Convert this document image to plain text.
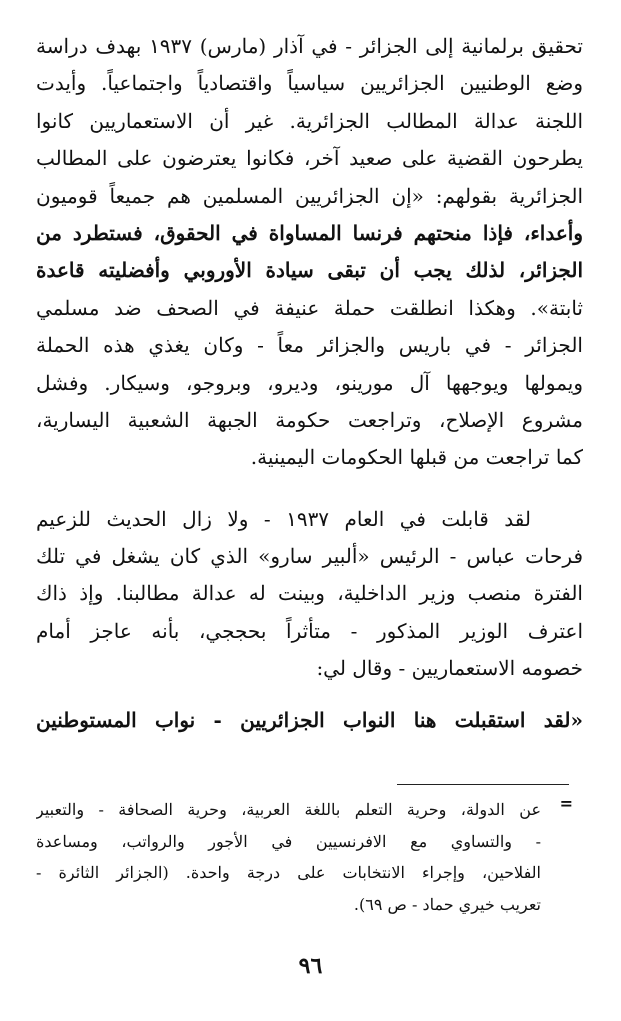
تحقيق برلمانية إلى الجزائر - في آذار (مارس) ١٩٣٧ بهدف دراسة
وضع الوطنيين الجزائريين سياسياً واقتصادياً واجتماعياً. وأيدت
اللجنة عدالة المطالب الجزائرية. غير أن الاستعماريين كانوا
يطرحون القضية على صعيد آخر، فكانوا يعترضون على المطالب
الجزائرية بقولهم: «إن الجزائريين المسلمين هم جميعاً قوميون
وأعداء، فإذا منحتهم فرنسا المساواة في الحقوق، فستطرد من
الجزائر، لذلك يجب أن تبقى سيادة الأوروبي وأفضليته قاعدة
ثابتة». وهكذا انطلقت حملة عنيفة في الصحف ضد مسلمي
الجزائر - في باريس والجزائر معاً - وكان يغذي هذه الحملة
ويمولها ويوجهها آل مورينو، وديرو، وبروجو، وسيكار. وفشل
مشروع الإصلاح، وتراجعت حكومة الجبهة الشعبية اليسارية،
كما تراجعت من قبلها الحكومات اليمينية.
لقد قابلت في العام ١٩٣٧ - ولا زال الحديث للزعيم
فرحات عباس - الرئيس «ألبير سارو» الذي كان يشغل في تلك
الفترة منصب وزير الداخلية، وبينت له عدالة مطالبنا. وإذ ذاك
اعترف الوزير المذكور - متأثراً بحججي، بأنه عاجز أمام
خصومه الاستعماريين - وقال لي:
«لقد استقبلت هنا النواب الجزائريين - نواب المستوطنين
=
عن الدولة، وحرية التعلم باللغة العربية، وحرية الصحافة - والتعبير
- والتساوي مع الافرنسيين في الأجور والرواتب، ومساعدة
الفلاحين، وإجراء الانتخابات على درجة واحدة. (الجزائر الثائرة -
تعريب خيري حماد - ص ٦٩).
٩٦
